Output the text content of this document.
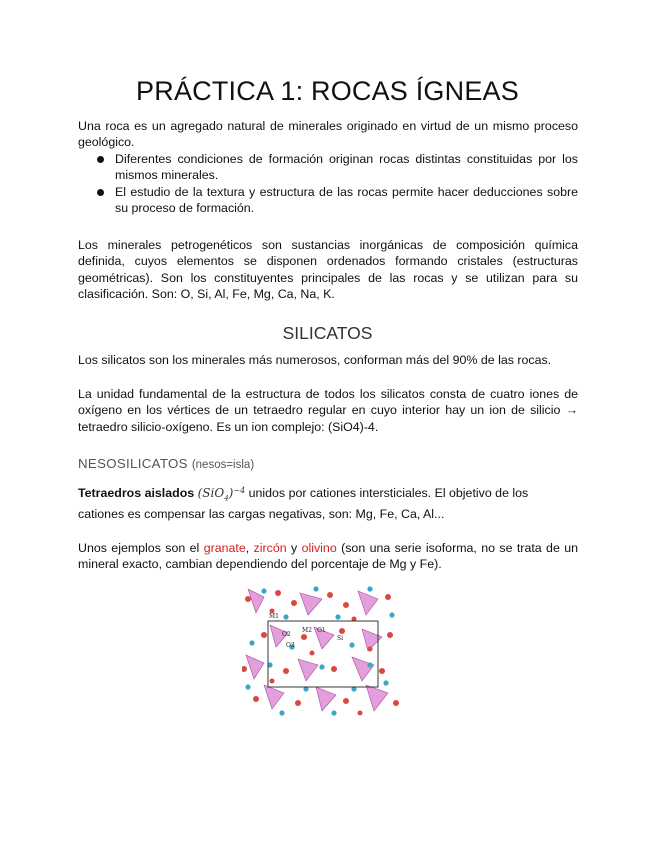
PRÁCTICA 1: ROCAS ÍGNEAS

Una roca es un agregado natural de minerales originado en virtud de un mismo proceso geológico.

Diferentes condiciones de formación originan rocas distintas constituidas por los mismos minerales.

El estudio de la textura y estructura de las rocas permite hacer deducciones sobre su proceso de formación.

Los minerales petrogenéticos son sustancias inorgánicas de composición química definida, cuyos elementos se disponen ordenados formando cristales (estructuras geométricas). Son los constituyentes principales de las rocas y se utilizan para su clasificación. Son: O, Si, Al, Fe, Mg, Ca, Na, K.

SILICATOS

Los silicatos son los minerales más numerosos, conforman más del 90% de las rocas.

La unidad fundamental de la estructura de todos los silicatos consta de cuatro iones de oxígeno en los vértices de un tetraedro regular en cuyo interior hay un ion de silicio → tetraedro silicio-oxígeno. Es un ion complejo: (SiO4)-4.

NESOSILICATOS (nesos=isla)

Tetraedros aislados $(SiO_4)^{-4}$ unidos por cationes intersticiales. El objetivo de los

cationes es compensar las cargas negativas, son: Mg, Fe, Ca, Al...

Unos ejemplos son el granate, zircón y olivino (son una serie isoforma, no se trata de un mineral exacto, cambian dependiendo del porcentaje de Mg y Fe).

M1
M2 O1
O2
O3
Si
